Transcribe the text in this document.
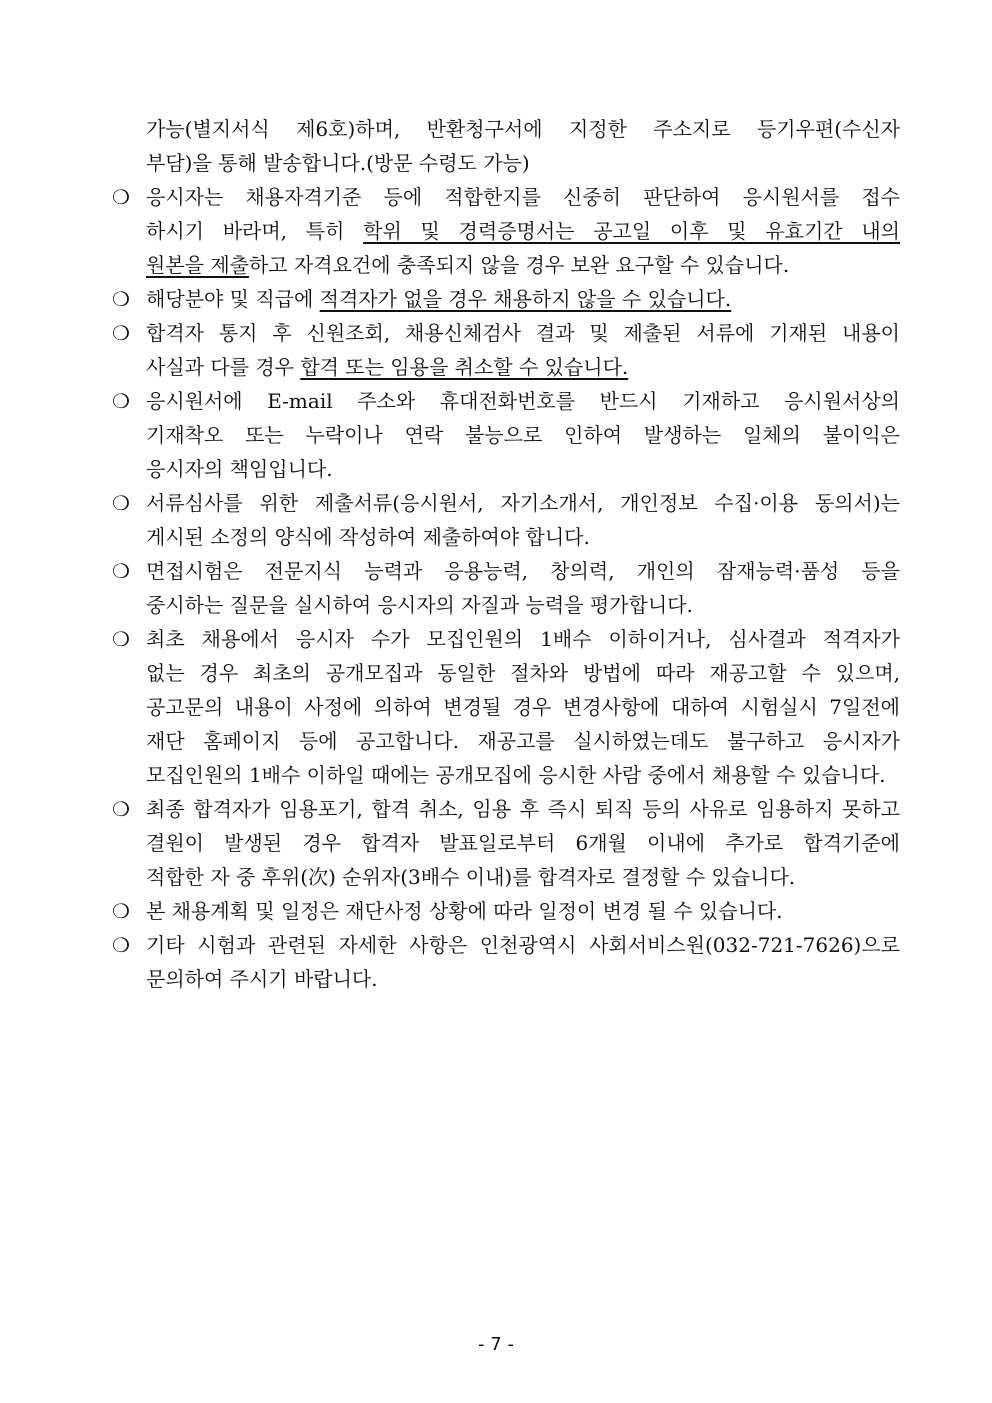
가능(별지서식 제6호)하며, 반환청구서에 지정한 주소지로 등기우편(수신자
부담)을 통해 발송합니다.(방문 수령도 가능)
❍ 응시자는 채용자격기준 등에 적합한지를 신중히 판단하여 응시원서를 접수
하시기 바라며, 특히 학위 및 경력증명서는 공고일 이후 및 유효기간 내의
원본을 제출하고 자격요건에 충족되지 않을 경우 보완 요구할 수 있습니다.
❍ 해당분야 및 직급에 적격자가 없을 경우 채용하지 않을 수 있습니다.
❍ 합격자 통지 후 신원조회, 채용신체검사 결과 및 제출된 서류에 기재된 내용이
사실과 다를 경우 합격 또는 임용을 취소할 수 있습니다.
❍ 응시원서에 E-mail 주소와 휴대전화번호를 반드시 기재하고 응시원서상의
기재착오 또는 누락이나 연락 불능으로 인하여 발생하는 일체의 불이익은
응시자의 책임입니다.
❍ 서류심사를 위한 제출서류(응시원서, 자기소개서, 개인정보 수집·이용 동의서)는
게시된 소정의 양식에 작성하여 제출하여야 합니다.
❍ 면접시험은 전문지식 능력과 응용능력, 창의력, 개인의 잠재능력·품성 등을
중시하는 질문을 실시하여 응시자의 자질과 능력을 평가합니다.
❍ 최초 채용에서 응시자 수가 모집인원의 1배수 이하이거나, 심사결과 적격자가
없는 경우 최초의 공개모집과 동일한 절차와 방법에 따라 재공고할 수 있으며,
공고문의 내용이 사정에 의하여 변경될 경우 변경사항에 대하여 시험실시 7일전에
재단 홈페이지 등에 공고합니다. 재공고를 실시하였는데도 불구하고 응시자가
모집인원의 1배수 이하일 때에는 공개모집에 응시한 사람 중에서 채용할 수 있습니다.
❍ 최종 합격자가 임용포기, 합격 취소, 임용 후 즉시 퇴직 등의 사유로 임용하지 못하고
결원이 발생된 경우 합격자 발표일로부터 6개월 이내에 추가로 합격기준에
적합한 자 중 후위(次) 순위자(3배수 이내)를 합격자로 결정할 수 있습니다.
❍ 본 채용계획 및 일정은 재단사정 상황에 따라 일정이 변경 될 수 있습니다.
❍ 기타 시험과 관련된 자세한 사항은 인천광역시 사회서비스원(032-721-7626)으로
문의하여 주시기 바랍니다.
- 7 -
